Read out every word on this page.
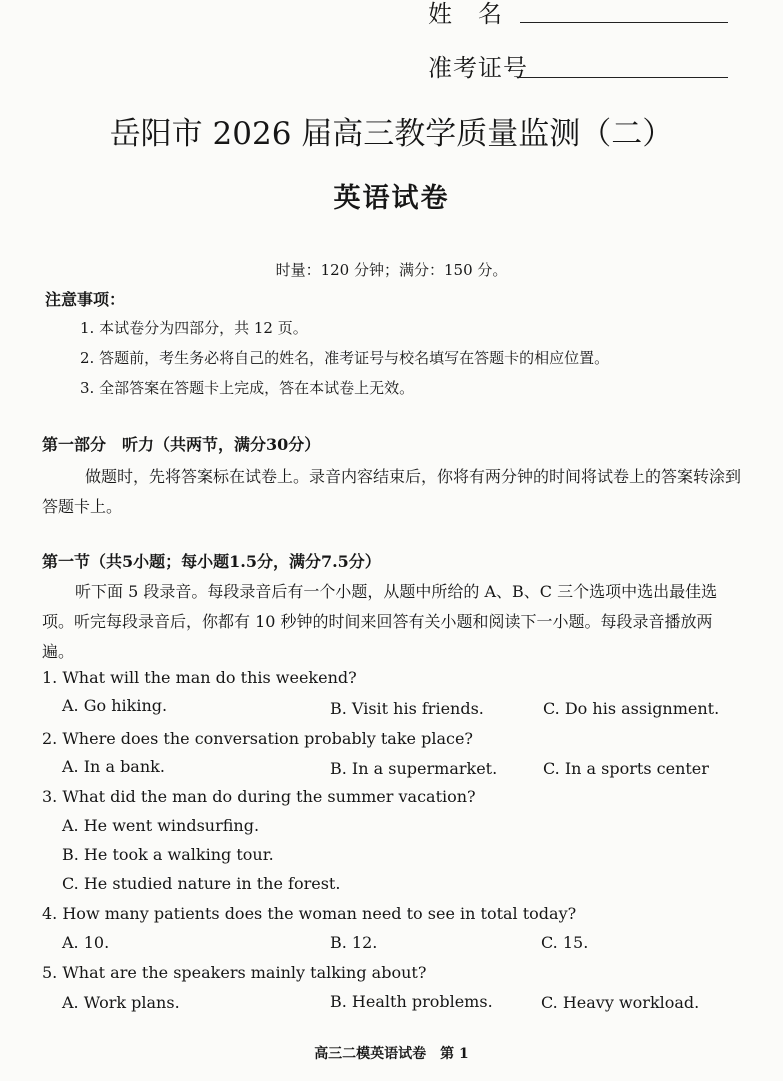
姓　名
准考证号
岳阳市 2026 届高三教学质量监测（二）
英语试卷
时量：120 分钟；满分：150 分。
注意事项：
1. 本试卷分为四部分，共 12 页。
2. 答题前，考生务必将自己的姓名，准考证号与校名填写在答题卡的相应位置。
3. 全部答案在答题卡上完成，答在本试卷上无效。
第一部分　听力（共两节，满分30分）
做题时，先将答案标在试卷上。录音内容结束后，你将有两分钟的时间将试卷上的答案转涂到答题卡上。
第一节（共5小题；每小题1.5分，满分7.5分）
听下面 5 段录音。每段录音后有一个小题，从题中所给的 A、B、C 三个选项中选出最佳选项。听完每段录音后，你都有 10 秒钟的时间来回答有关小题和阅读下一小题。每段录音播放两遍。
1. What will the man do this weekend?
A. Go hiking.	B. Visit his friends.	C. Do his assignment.
2. Where does the conversation probably take place?
A. In a bank.	B. In a supermarket.	C. In a sports center
3. What did the man do during the summer vacation?
A. He went windsurfing.
B. He took a walking tour.
C. He studied nature in the forest.
4. How many patients does the woman need to see in total today?
A. 10.	B. 12.	C. 15.
5. What are the speakers mainly talking about?
A. Work plans.	B. Health problems.	C. Heavy workload.
高三二模英语试卷　第 1
